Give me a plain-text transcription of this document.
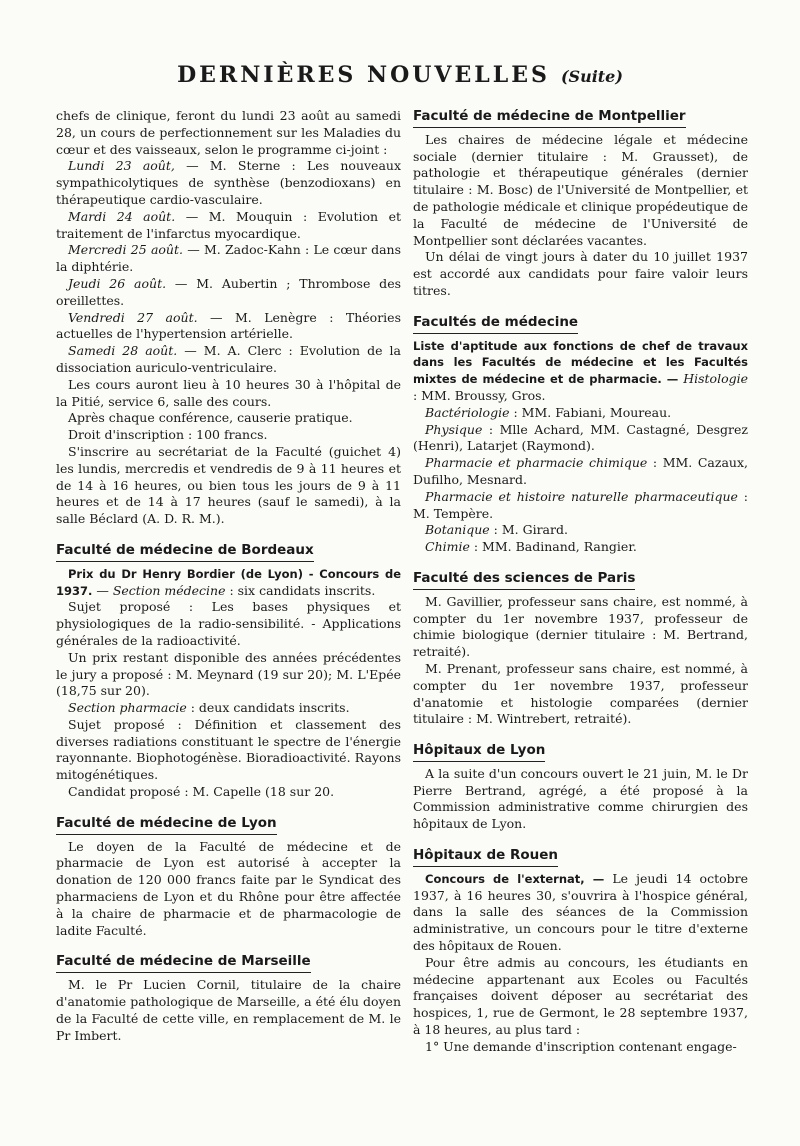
DERNIÈRES NOUVELLES (Suite)

chefs de clinique, feront du lundi 23 août au samedi 28, un cours de perfectionnement sur les Maladies du cœur et des vaisseaux, selon le programme ci-joint :

Lundi 23 août, — M. Sterne : Les nouveaux sympathicolytiques de synthèse (benzodioxans) en thérapeutique cardio-vasculaire.

Mardi 24 août. — M. Mouquin : Evolution et traitement de l'infarctus myocardique.

Mercredi 25 août. — M. Zadoc-Kahn : Le cœur dans la diphtérie.

Jeudi 26 août. — M. Aubertin ; Thrombose des oreillettes.

Vendredi 27 août. — M. Lenègre : Théories actuelles de l'hypertension artérielle.

Samedi 28 août. — M. A. Clerc : Evolution de la dissociation auriculo-ventriculaire.

Les cours auront lieu à 10 heures 30 à l'hôpital de la Pitié, service 6, salle des cours.

Après chaque conférence, causerie pratique.

Droit d'inscription : 100 francs.

S'inscrire au secrétariat de la Faculté (guichet 4) les lundis, mercredis et vendredis de 9 à 11 heures et de 14 à 16 heures, ou bien tous les jours de 9 à 11 heures et de 14 à 17 heures (sauf le samedi), à la salle Béclard (A. D. R. M.).

Faculté de médecine de Bordeaux

Prix du Dr Henry Bordier (de Lyon) - Concours de 1937. — Section médecine : six candidats inscrits.

Sujet proposé : Les bases physiques et physiologiques de la radio-sensibilité. - Applications générales de la radioactivité.

Un prix restant disponible des années précédentes le jury a proposé : M. Meynard (19 sur 20); M. L'Epée (18,75 sur 20).

Section pharmacie : deux candidats inscrits.

Sujet proposé : Définition et classement des diverses radiations constituant le spectre de l'énergie rayonnante. Biophotogénèse. Bioradioactivité. Rayons mitogénétiques.

Candidat proposé : M. Capelle (18 sur 20.

Faculté de médecine de Lyon

Le doyen de la Faculté de médecine et de pharmacie de Lyon est autorisé à accepter la donation de 120 000 francs faite par le Syndicat des pharmaciens de Lyon et du Rhône pour être affectée à la chaire de pharmacie et de pharmacologie de ladite Faculté.

Faculté de médecine de Marseille

M. le Pr Lucien Cornil, titulaire de la chaire d'anatomie pathologique de Marseille, a été élu doyen de la Faculté de cette ville, en remplacement de M. le Pr Imbert.

Faculté de médecine de Montpellier

Les chaires de médecine légale et médecine sociale (dernier titulaire : M. Grausset), de pathologie et thérapeutique générales (dernier titulaire : M. Bosc) de l'Université de Montpellier, et de pathologie médicale et clinique propédeutique de la Faculté de médecine de l'Université de Montpellier sont déclarées vacantes.

Un délai de vingt jours à dater du 10 juillet 1937 est accordé aux candidats pour faire valoir leurs titres.

Facultés de médecine

Liste d'aptitude aux fonctions de chef de travaux dans les Facultés de médecine et les Facultés mixtes de médecine et de pharmacie. — Histologie : MM. Broussy, Gros.

Bactériologie : MM. Fabiani, Moureau.

Physique : Mlle Achard, MM. Castagné, Desgrez (Henri), Latarjet (Raymond).

Pharmacie et pharmacie chimique : MM. Cazaux, Dufilho, Mesnard.

Pharmacie et histoire naturelle pharmaceutique : M. Tempère.

Botanique : M. Girard.

Chimie : MM. Badinand, Rangier.

Faculté des sciences de Paris

M. Gavillier, professeur sans chaire, est nommé, à compter du 1er novembre 1937, professeur de chimie biologique (dernier titulaire : M. Bertrand, retraité).

M. Prenant, professeur sans chaire, est nommé, à compter du 1er novembre 1937, professeur d'anatomie et histologie comparées (dernier titulaire : M. Wintrebert, retraité).

Hôpitaux de Lyon

A la suite d'un concours ouvert le 21 juin, M. le Dr Pierre Bertrand, agrégé, a été proposé à la Commission administrative comme chirurgien des hôpitaux de Lyon.

Hôpitaux de Rouen

Concours de l'externat, — Le jeudi 14 octobre 1937, à 16 heures 30, s'ouvrira à l'hospice général, dans la salle des séances de la Commission administrative, un concours pour le titre d'externe des hôpitaux de Rouen.

Pour être admis au concours, les étudiants en médecine appartenant aux Ecoles ou Facultés françaises doivent déposer au secrétariat des hospices, 1, rue de Germont, le 28 septembre 1937, à 18 heures, au plus tard :

1° Une demande d'inscription contenant engage-
